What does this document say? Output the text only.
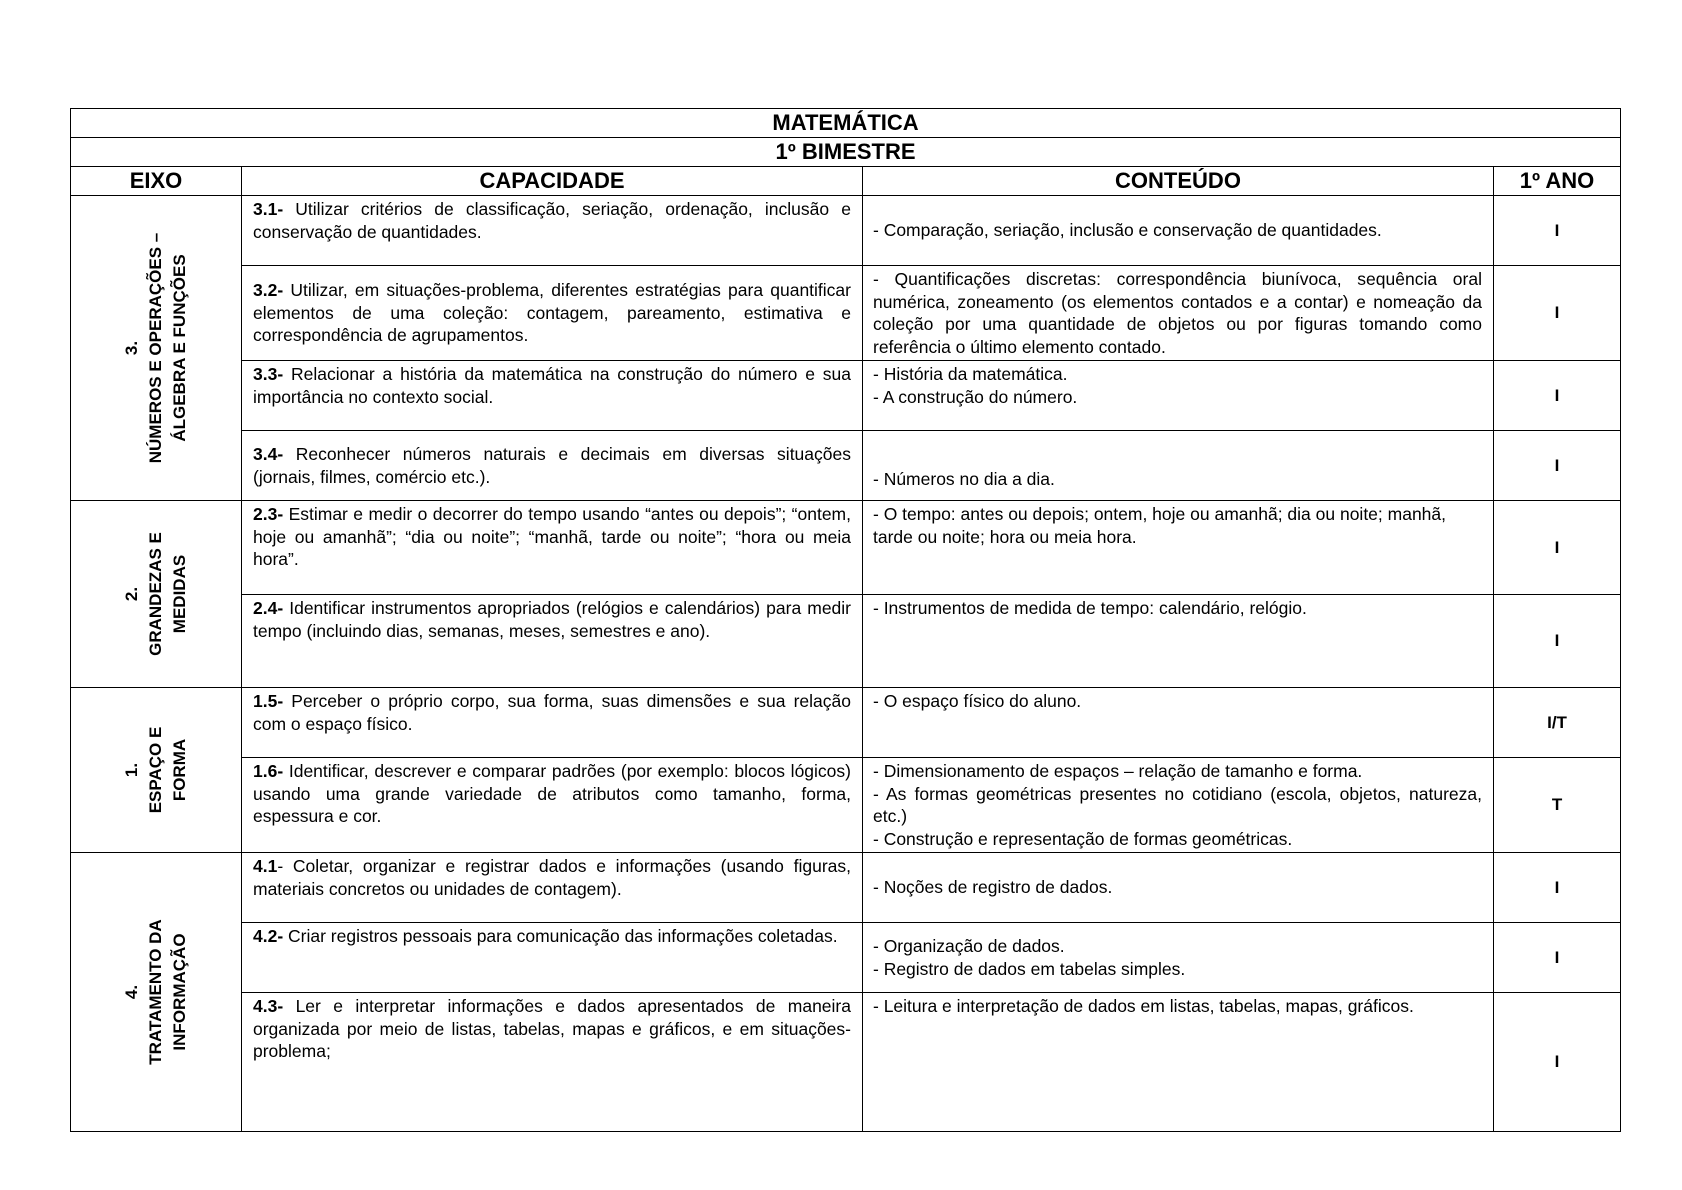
MATEMÁTICA			
1º BIMESTRE			
EIXO	CAPACIDADE	CONTEÚDO	1º ANO

3. NÚMEROS E OPERAÇÕES – ÁLGEBRA E FUNÇÕES	3.1- Utilizar critérios de classificação, seriação, ordenação, inclusão e conservação de quantidades.	- Comparação, seriação, inclusão e conservação de quantidades.	I
	3.2- Utilizar, em situações-problema, diferentes estratégias para quantificar elementos de uma coleção: contagem, pareamento, estimativa e correspondência de agrupamentos.	- Quantificações discretas: correspondência biunívoca, sequência oral numérica, zoneamento (os elementos contados e a contar) e nomeação da coleção por uma quantidade de objetos ou por figuras tomando como referência o último elemento contado.	I
	3.3- Relacionar a história da matemática na construção do número e sua importância no contexto social.	- História da matemática.
- A construção do número.	I
	3.4- Reconhecer números naturais e decimais em diversas situações (jornais, filmes, comércio etc.).	- Números no dia a dia.	I

2. GRANDEZAS E MEDIDAS	2.3- Estimar e medir o decorrer do tempo usando “antes ou depois”; “ontem, hoje ou amanhã”; “dia ou noite”; “manhã, tarde ou noite”; “hora ou meia hora”.	- O tempo: antes ou depois; ontem, hoje ou amanhã; dia ou noite; manhã, tarde ou noite; hora ou meia hora.	I
	2.4- Identificar instrumentos apropriados (relógios e calendários) para medir tempo (incluindo dias, semanas, meses, semestres e ano).	- Instrumentos de medida de tempo: calendário, relógio.	I

1. ESPAÇO E FORMA	1.5- Perceber o próprio corpo, sua forma, suas dimensões e sua relação com o espaço físico.	- O espaço físico do aluno.	I/T
	1.6- Identificar, descrever e comparar padrões (por exemplo: blocos lógicos) usando uma grande variedade de atributos como tamanho, forma, espessura e cor.	- Dimensionamento de espaços – relação de tamanho e forma.
- As formas geométricas presentes no cotidiano (escola, objetos, natureza, etc.)
- Construção e representação de formas geométricas.	T

4. TRATAMENTO DA INFORMAÇÃO	4.1- Coletar, organizar e registrar dados e informações (usando figuras, materiais concretos ou unidades de contagem).	- Noções de registro de dados.	I
	4.2- Criar registros pessoais para comunicação das informações coletadas.	- Organização de dados.
- Registro de dados em tabelas simples.	I
	4.3- Ler e interpretar informações e dados apresentados de maneira organizada por meio de listas, tabelas, mapas e gráficos, e em situações-problema;	- Leitura e interpretação de dados em listas, tabelas, mapas, gráficos.	I
